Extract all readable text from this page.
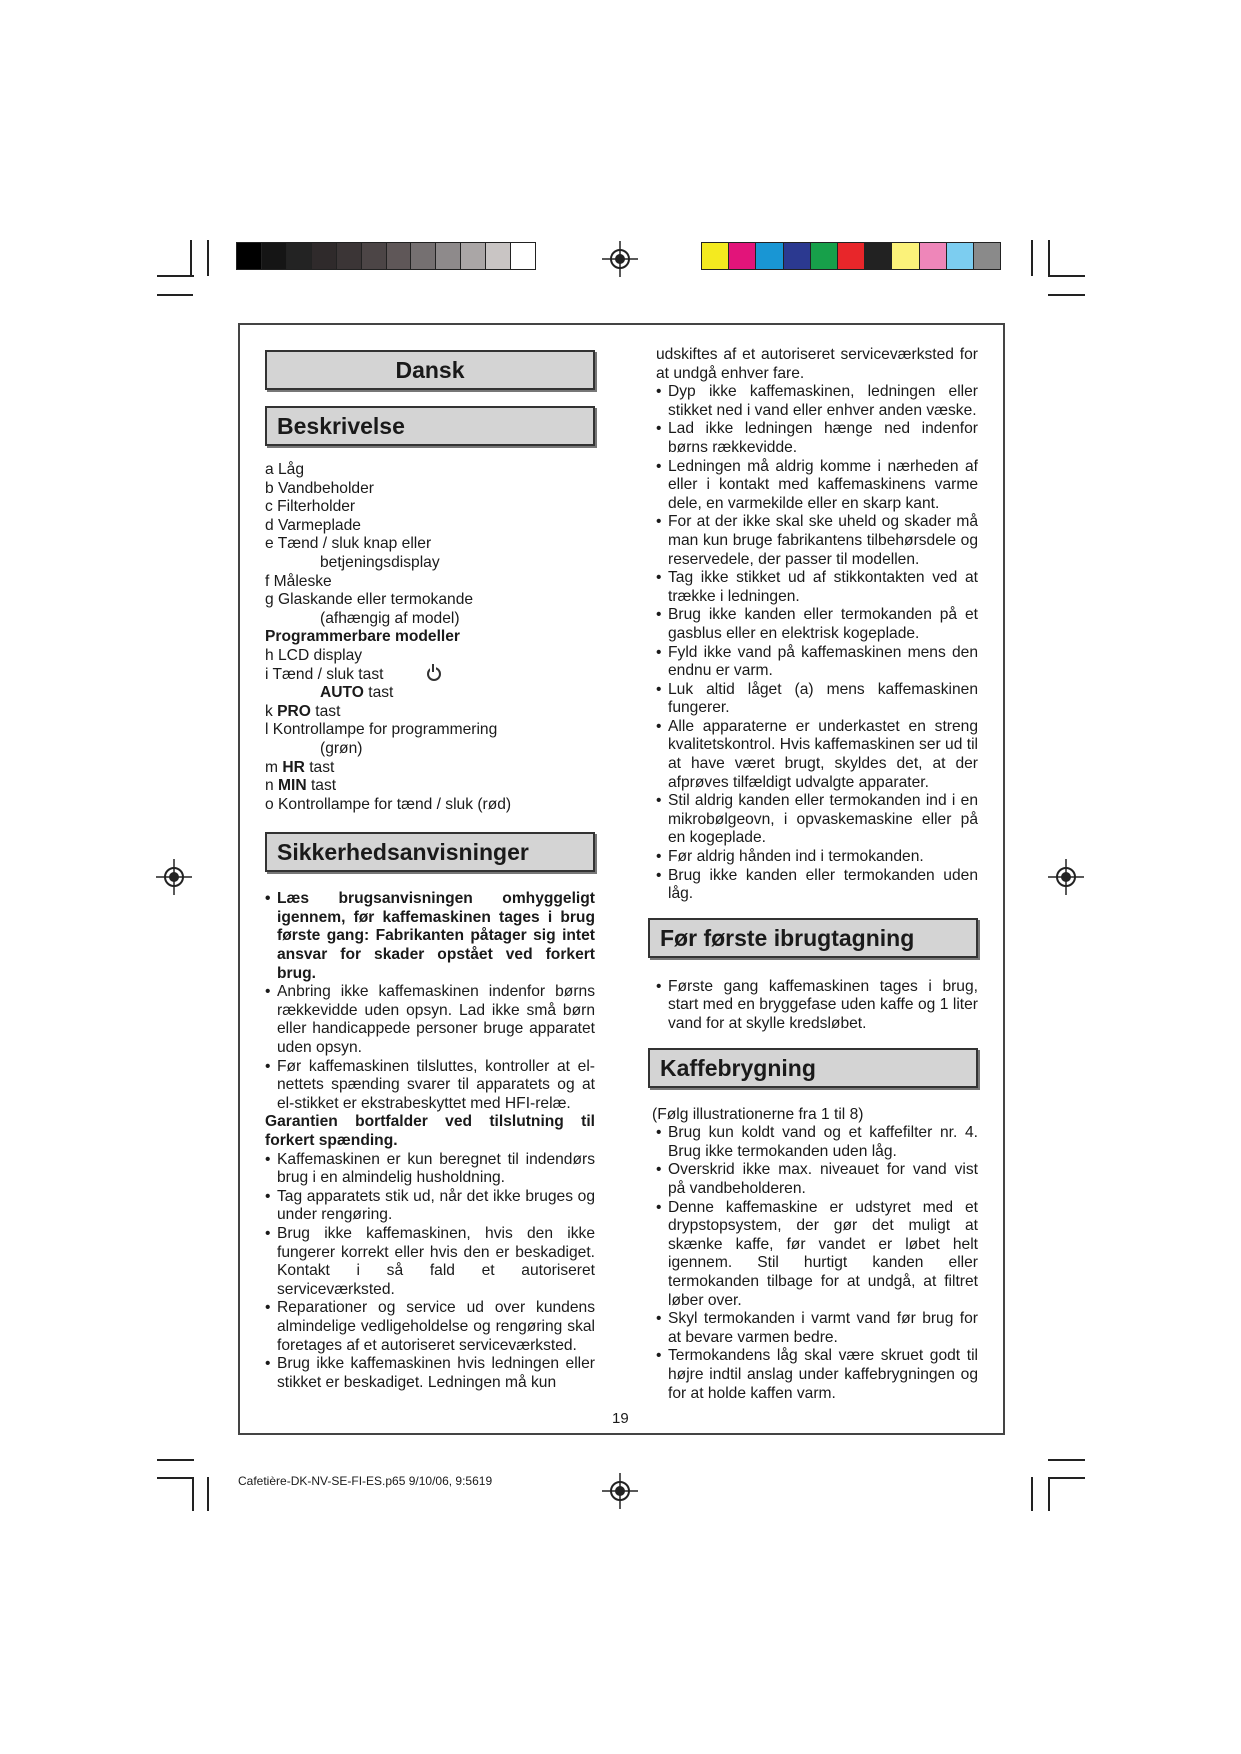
Dansk
Beskrivelse
a Låg
b Vandbeholder
c Filterholder
d Varmeplade
e Tænd / sluk knap eller
betjeningsdisplay
f Måleske
g Glaskande eller termokande
(afhængig af model)
Programmerbare modeller
h LCD display
i Tænd / sluk tast
AUTO tast
k PRO tast
l Kontrollampe for programmering
(grøn)
m HR tast
n MIN tast
o Kontrollampe for tænd / sluk (rød)
Sikkerhedsanvisninger

• Læs brugsanvisningen omhyggeligt igennem, før kaffemaskinen tages i brug første gang: Fabrikanten påtager sig intet ansvar for skader opstået ved forkert brug.

• Anbring ikke kaffemaskinen indenfor børns rækkevidde uden opsyn. Lad ikke små børn eller handicappede personer bruge apparatet uden opsyn.

• Før kaffemaskinen tilsluttes, kontroller at el-nettets spænding svarer til apparatets og at el-stikket er ekstrabeskyttet med HFI-relæ.

Garantien bortfalder ved tilslutning til forkert spænding.

• Kaffemaskinen er kun beregnet til indendørs brug i en almindelig husholdning.

• Tag apparatets stik ud, når det ikke bruges og under rengøring.

• Brug ikke kaffemaskinen, hvis den ikke fungerer korrekt eller hvis den er beskadiget. Kontakt i så fald et autoriseret serviceværksted.

• Reparationer og service ud over kundens almindelige vedligeholdelse og rengøring skal foretages af et autoriseret serviceværksted.

• Brug ikke kaffemaskinen hvis ledningen eller stikket er beskadiget. Ledningen må kun

udskiftes af et autoriseret serviceværksted for at undgå enhver fare.

• Dyp ikke kaffemaskinen, ledningen eller stikket ned i vand eller enhver anden væske.

• Lad ikke ledningen hænge ned indenfor børns rækkevidde.

• Ledningen må aldrig komme i nærheden af eller i kontakt med kaffemaskinens varme dele, en varmekilde eller en skarp kant.

• For at der ikke skal ske uheld og skader må man kun bruge fabrikantens tilbehørsdele og reservedele, der passer til modellen.

• Tag ikke stikket ud af stikkontakten ved at trække i ledningen.

• Brug ikke kanden eller termokanden på et gasblus eller en elektrisk kogeplade.

• Fyld ikke vand på kaffemaskinen mens den endnu er varm.

• Luk altid låget (a) mens kaffemaskinen fungerer.

• Alle apparaterne er underkastet en streng kvalitetskontrol. Hvis kaffemaskinen ser ud til at have været brugt, skyldes det, at der afprøves tilfældigt udvalgte apparater.

• Stil aldrig kanden eller termokanden ind i en mikrobølgeovn, i opvaskemaskine eller på en kogeplade.

• Før aldrig hånden ind i termokanden.

• Brug ikke kanden eller termokanden uden låg.

Før første ibrugtagning

• Første gang kaffemaskinen tages i brug, start med en bryggefase uden kaffe og 1 liter vand for at skylle kredsløbet.

Kaffebrygning

(Følg illustrationerne fra 1 til 8)

• Brug kun koldt vand og et kaffefilter nr. 4. Brug ikke termokanden uden låg.

• Overskrid ikke max. niveauet for vand vist på vandbeholderen.

• Denne kaffemaskine er udstyret med et drypstopsystem, der gør det muligt at skænke kaffe, før vandet er løbet helt igennem. Stil hurtigt kanden eller termokanden tilbage for at undgå, at filtret løber over.

• Skyl termokanden i varmt vand før brug for at bevare varmen bedre.

• Termokandens låg skal være skruet godt til højre indtil anslag under kaffebrygningen og for at holde kaffen varm.

19
Cafetière-DK-NV-SE-FI-ES.p65 9/10/06, 9:5619
